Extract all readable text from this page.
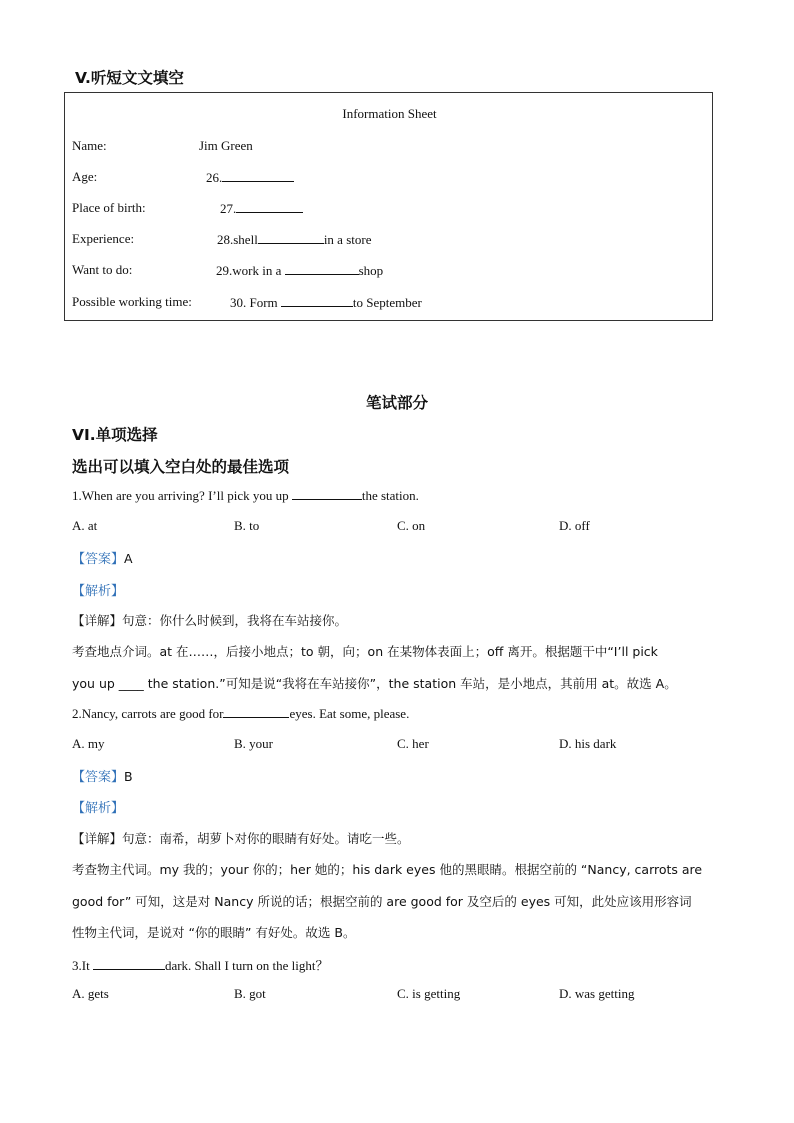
V.听短文文填空
Information Sheet
Name:	Jim Green
Age:	26.
Place of birth:	27.
Experience:	28.shell	in a store
Want to do:	29.work in a	shop
Possible working time:	30. Form	to September
笔试部分
VI.单项选择
选出可以填入空白处的最佳选项
1.When are you arriving? I’ll pick you up	the station.
A. at	B. to	C. on	D. off
【答案】A
【解析】
【详解】句意：你什么时候到，我将在车站接你。
考查地点介词。at 在……，后接小地点；to 朝，向；on 在某物体表面上；off 离开。根据题干中“I’ll pick
you up ____ the station.”可知是说“我将在车站接你”，the station 车站，是小地点，其前用 at。故选 A。
2.Nancy, carrots are good for	eyes. Eat some, please.
A. my	B. your	C. her	D. his dark
【答案】B
【解析】
【详解】句意：南希，胡萝卜对你的眼睛有好处。请吃一些。
考查物主代词。my 我的；your 你的；her 她的；his dark eyes 他的黑眼睛。根据空前的 “Nancy, carrots are
good for” 可知，这是对 Nancy 所说的话；根据空前的 are good for 及空后的 eyes 可知，此处应该用形容词
性物主代词，是说对 “你的眼睛” 有好处。故选 B。
3.It	dark. Shall I turn on the light？
A. gets	B. got	C. is getting	D. was getting
